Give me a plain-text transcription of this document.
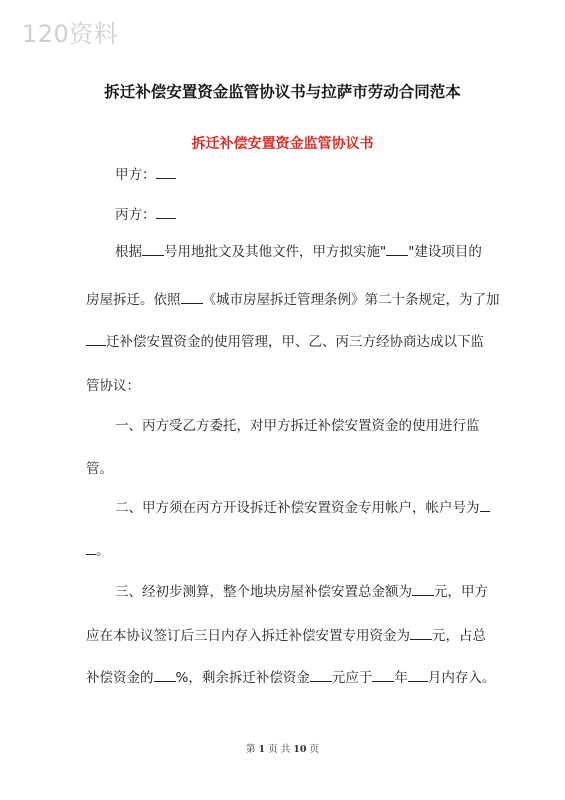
120资料
拆迁补偿安置资金监管协议书与拉萨市劳动合同范本
拆迁补偿安置资金监管协议书
甲方：
丙方：
根据 号用地批文及其他文件，甲方拟实施" "建设项目的
房屋拆迁。依照 《城市房屋拆迁管理条例》第二十条规定，为了加
迁补偿安置资金的使用管理，甲、乙、丙三方经协商达成以下监
管协议：
一、丙方受乙方委托，对甲方拆迁补偿安置资金的使用进行监
管。
二、甲方须在丙方开设拆迁补偿安置资金专用帐户，帐户号为
。
三、经初步测算，整个地块房屋补偿安置总金额为 元，甲方
应在本协议签订后三日内存入拆迁补偿安置专用资金为 元，占总
补偿资金的 %，剩余拆迁补偿资金 元应于 年 月内存入。
第 1 页 共 10 页
